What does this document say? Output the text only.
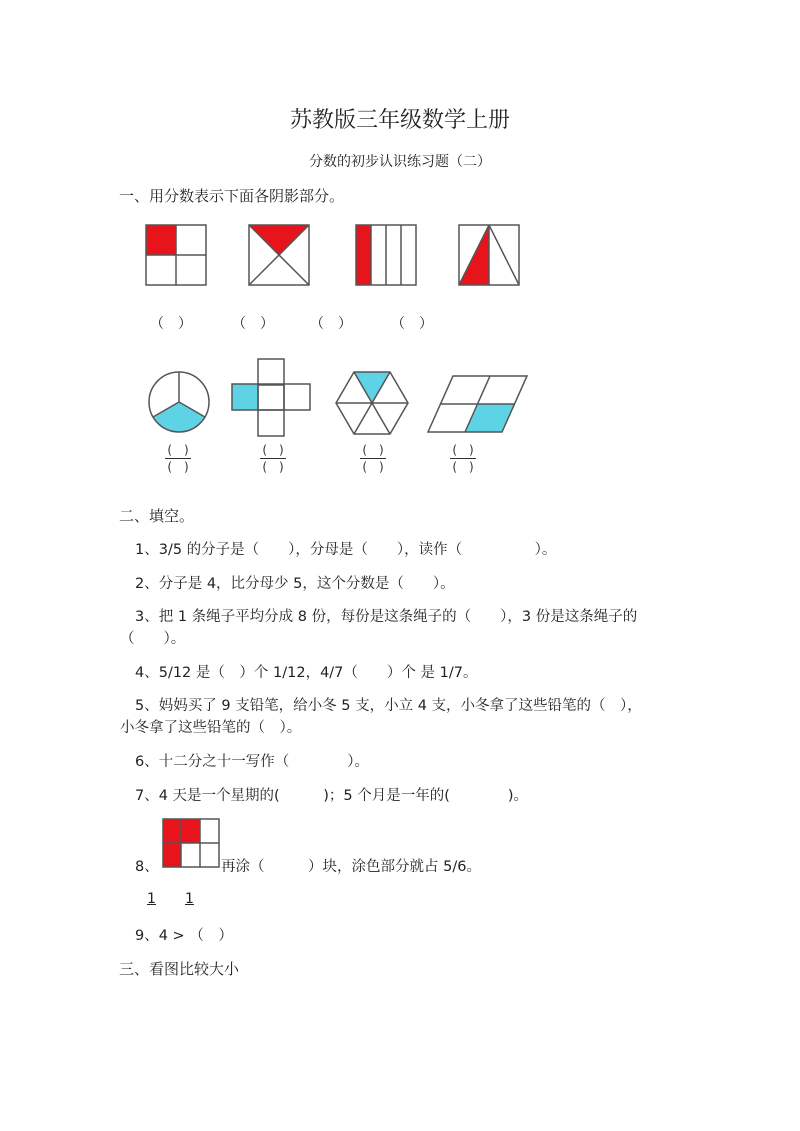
苏教版三年级数学上册
分数的初步认识练习题（二）
一、用分数表示下面各阴影部分。
（　）	（　）	（　）	（　）
(　)
(　)
(　)
(　)
(　)
(　)
(　)
(　)
二、填空。
1、3/5 的分子是（　　），分母是（　　），读作（　　　　　）。
2、分子是 4，比分母少 5，这个分数是（　　）。
3、把 1 条绳子平均分成 8 份，每份是这条绳子的（　　），3 份是这条绳子的
（　　）。
4、5/12 是（　）个 1/12，4/7（　　）个 是 1/7。
5、妈妈买了 9 支铅笔，给小冬 5 支，小立 4 支，小冬拿了这些铅笔的（　），
小冬拿了这些铅笔的（　）。
6、十二分之十一写作（　　　　）。
7、4 天是一个星期的(　　　)；5 个月是一年的(　　　　)。
8、	再涂（　　　）块，涂色部分就占 5/6。
1 1
9、4 > （　）
三、看图比较大小
